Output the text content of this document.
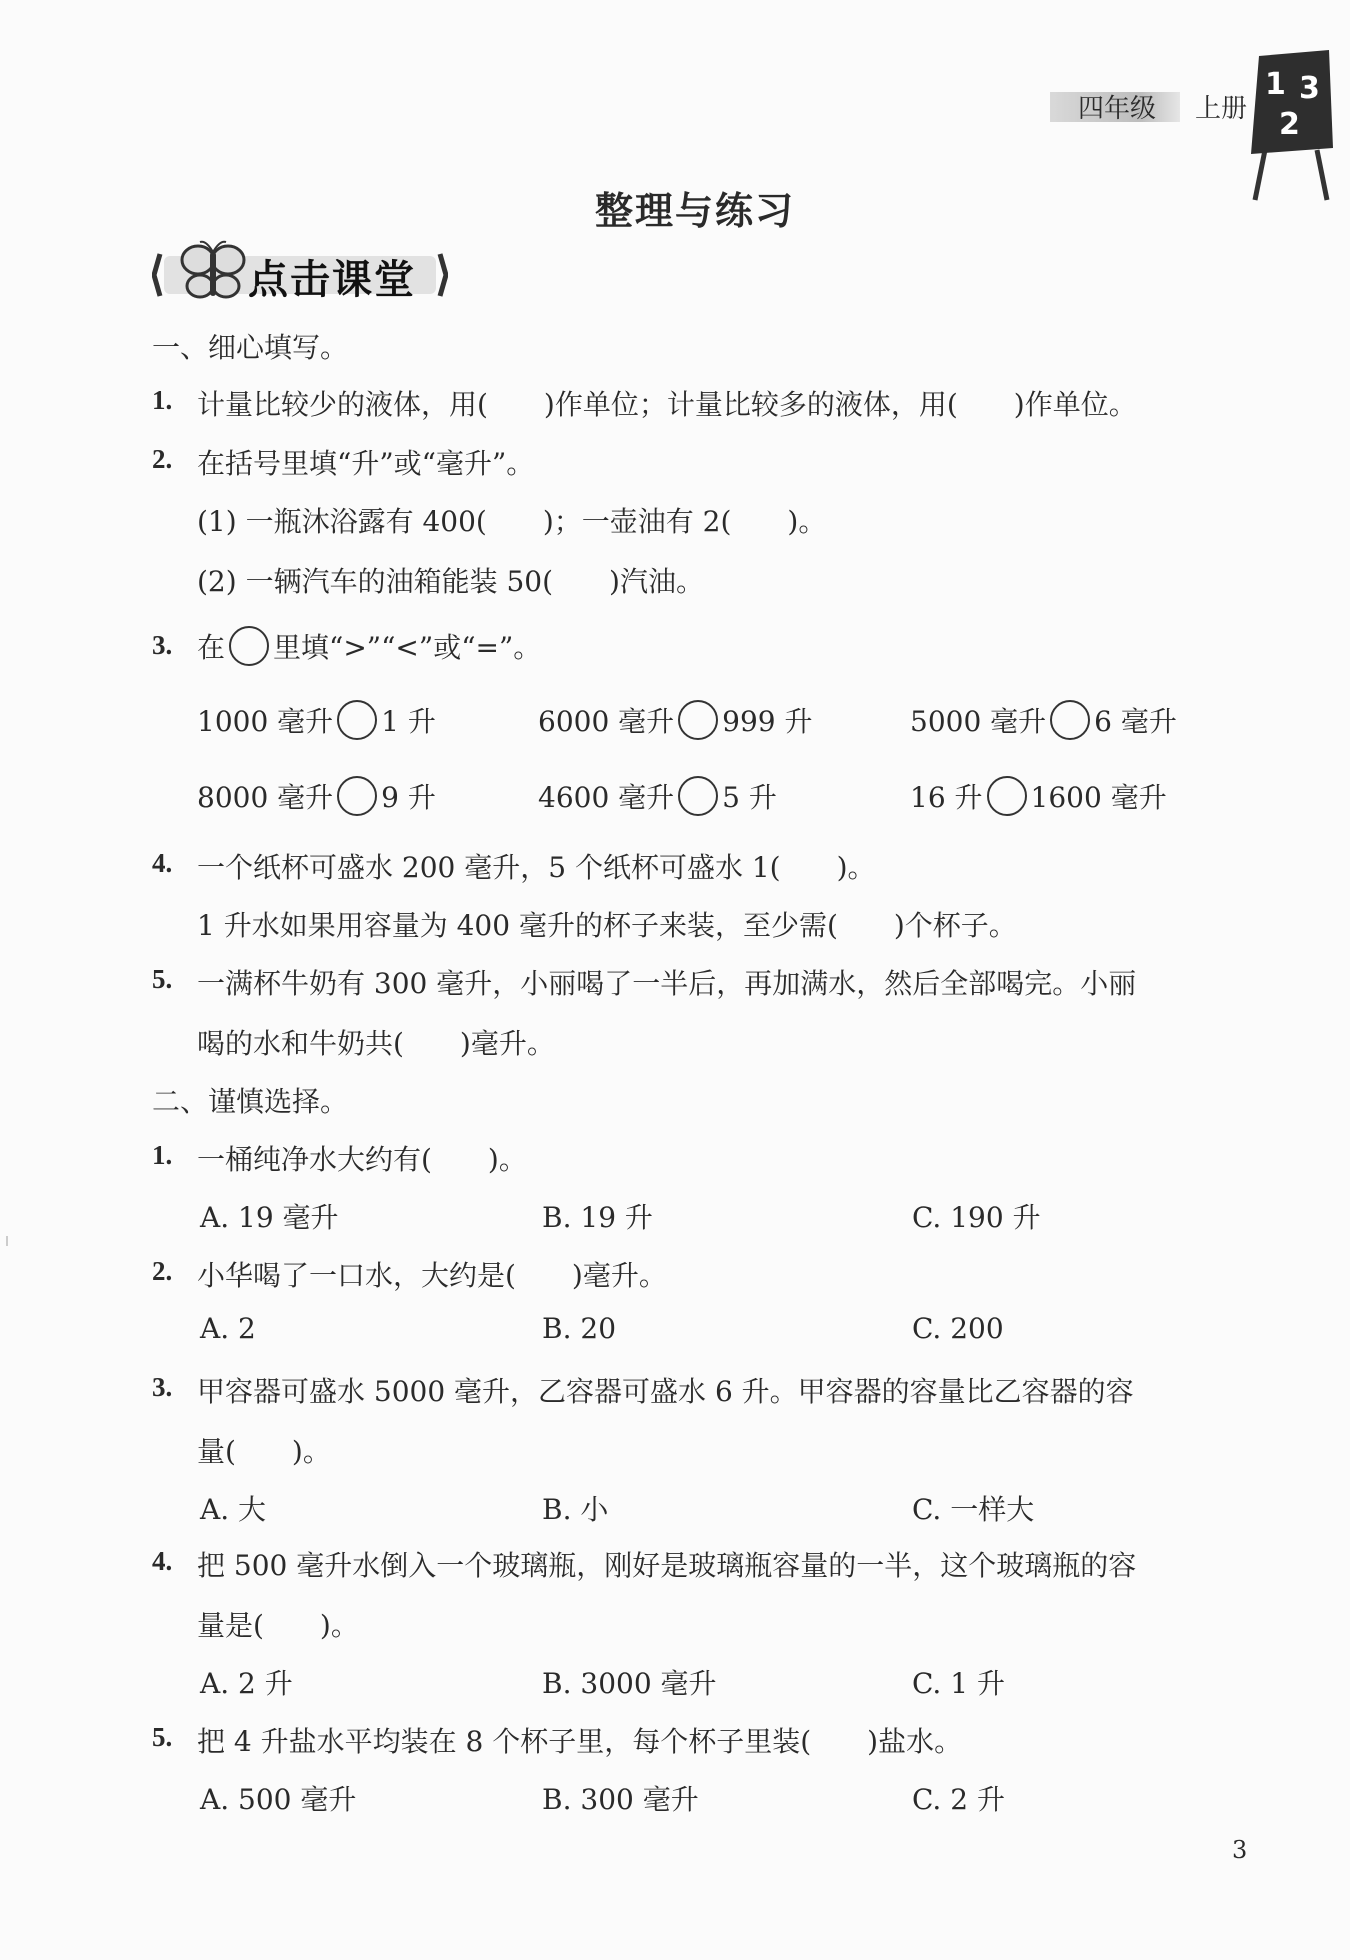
四年级 上册
1 3
2
整理与练习
点击课堂
一、细心填写。
1. 计量比较少的液体，用(　　)作单位；计量比较多的液体，用(　　)作单位。
2. 在括号里填“升”或“毫升”。
(1) 一瓶沐浴露有 400(　　)；一壶油有 2(　　)。
(2) 一辆汽车的油箱能装 50(　　)汽油。
3. 在 里填“>”“<”或“=”。
1000 毫升 1 升	6000 毫升 999 升	5000 毫升 6 毫升
8000 毫升 9 升	4600 毫升 5 升	16 升 1600 毫升
4. 一个纸杯可盛水 200 毫升，5 个纸杯可盛水 1(　　)。
1 升水如果用容量为 400 毫升的杯子来装，至少需(　　)个杯子。
5. 一满杯牛奶有 300 毫升，小丽喝了一半后，再加满水，然后全部喝完。小丽
喝的水和牛奶共(　　)毫升。
二、谨慎选择。
1. 一桶纯净水大约有(　　)。
A. 19 毫升	B. 19 升	C. 190 升
2. 小华喝了一口水，大约是(　　)毫升。
A. 2	B. 20	C. 200
3. 甲容器可盛水 5000 毫升，乙容器可盛水 6 升。甲容器的容量比乙容器的容
量(　　)。
A. 大	B. 小	C. 一样大
4. 把 500 毫升水倒入一个玻璃瓶，刚好是玻璃瓶容量的一半，这个玻璃瓶的容
量是(　　)。
A. 2 升	B. 3000 毫升	C. 1 升
5. 把 4 升盐水平均装在 8 个杯子里，每个杯子里装(　　)盐水。
A. 500 毫升	B. 300 毫升	C. 2 升
3
